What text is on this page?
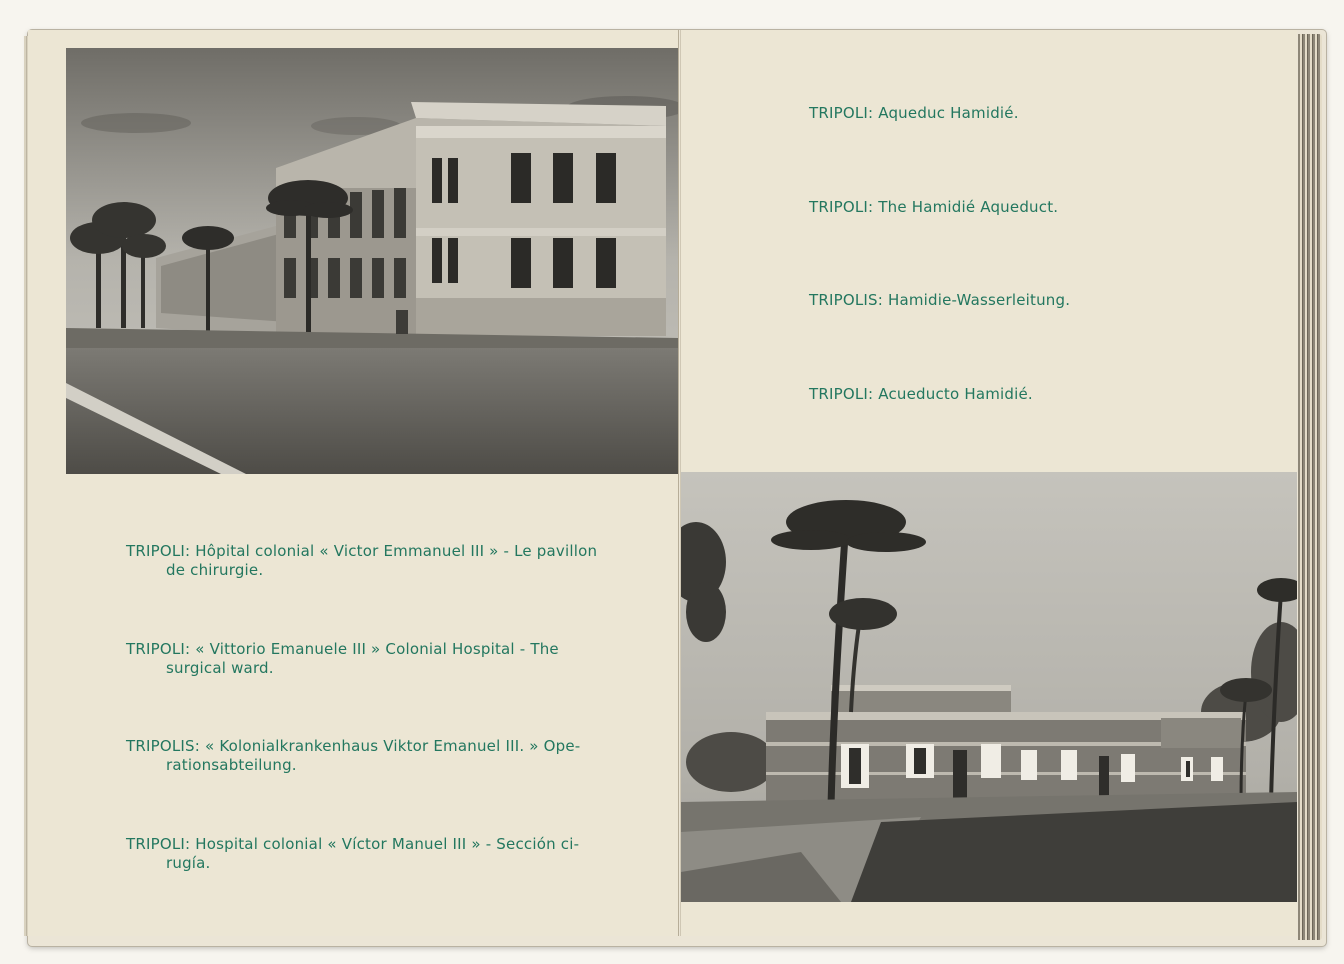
TRIPOLI: Hôpital colonial « Victor Emmanuel III » - Le pavillon
de chirurgie.
TRIPOLI: « Vittorio Emanuele III » Colonial Hospital - The
surgical ward.
TRIPOLIS: « Kolonialkrankenhaus Viktor Emanuel III. » Ope-
rationsabteilung.
TRIPOLI: Hospital colonial « Víctor Manuel III » - Sección ci-
rugía.
TRIPOLI: Aqueduc Hamidié.
TRIPOLI: The Hamidié Aqueduct.
TRIPOLIS: Hamidie-Wasserleitung.
TRIPOLI: Acueducto Hamidié.
